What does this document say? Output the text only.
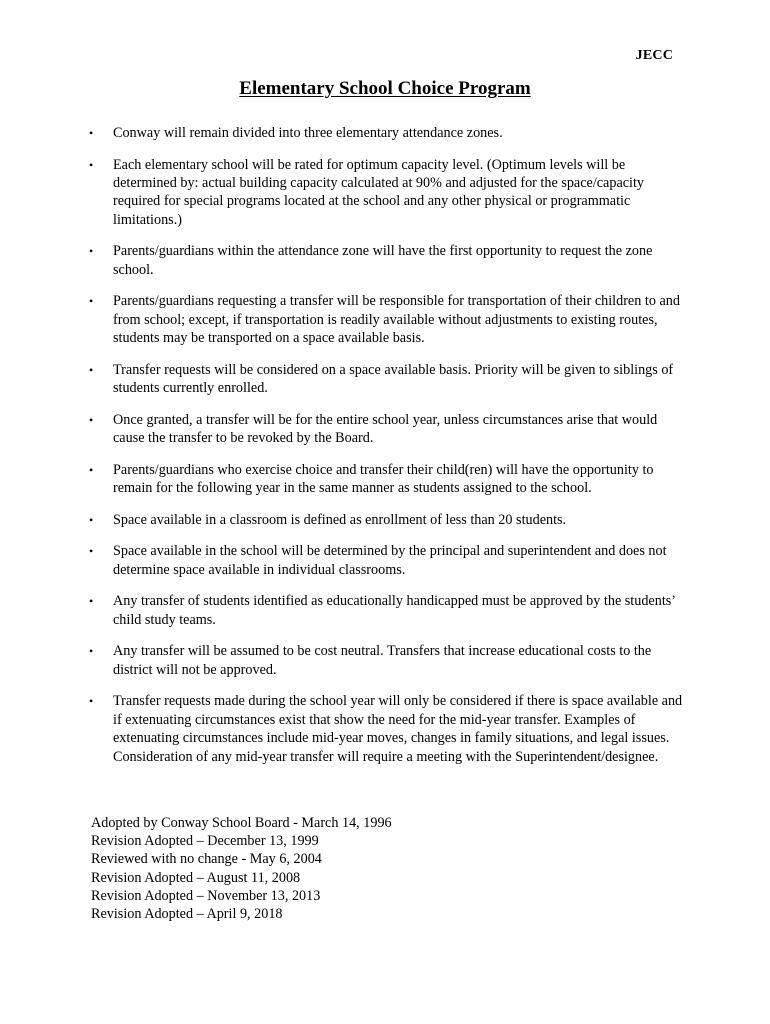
JECC
Elementary School Choice Program
• Conway will remain divided into three elementary attendance zones.
• Each elementary school will be rated for optimum capacity level. (Optimum levels will be determined by: actual building capacity calculated at 90% and adjusted for the space/capacity required for special programs located at the school and any other physical or programmatic limitations.)
• Parents/guardians within the attendance zone will have the first opportunity to request the zone school.
• Parents/guardians requesting a transfer will be responsible for transportation of their children to and from school; except, if transportation is readily available without adjustments to existing routes, students may be transported on a space available basis.
• Transfer requests will be considered on a space available basis. Priority will be given to siblings of students currently enrolled.
• Once granted, a transfer will be for the entire school year, unless circumstances arise that would cause the transfer to be revoked by the Board.
• Parents/guardians who exercise choice and transfer their child(ren) will have the opportunity to remain for the following year in the same manner as students assigned to the school.
• Space available in a classroom is defined as enrollment of less than 20 students.
• Space available in the school will be determined by the principal and superintendent and does not determine space available in individual classrooms.
• Any transfer of students identified as educationally handicapped must be approved by the students’ child study teams.
• Any transfer will be assumed to be cost neutral. Transfers that increase educational costs to the district will not be approved.
• Transfer requests made during the school year will only be considered if there is space available and if extenuating circumstances exist that show the need for the mid-year transfer. Examples of extenuating circumstances include mid-year moves, changes in family situations, and legal issues. Consideration of any mid-year transfer will require a meeting with the Superintendent/designee.
Adopted by Conway School Board - March 14, 1996
Revision Adopted – December 13, 1999
Reviewed with no change - May 6, 2004
Revision Adopted – August 11, 2008
Revision Adopted – November 13, 2013
Revision Adopted – April 9, 2018
